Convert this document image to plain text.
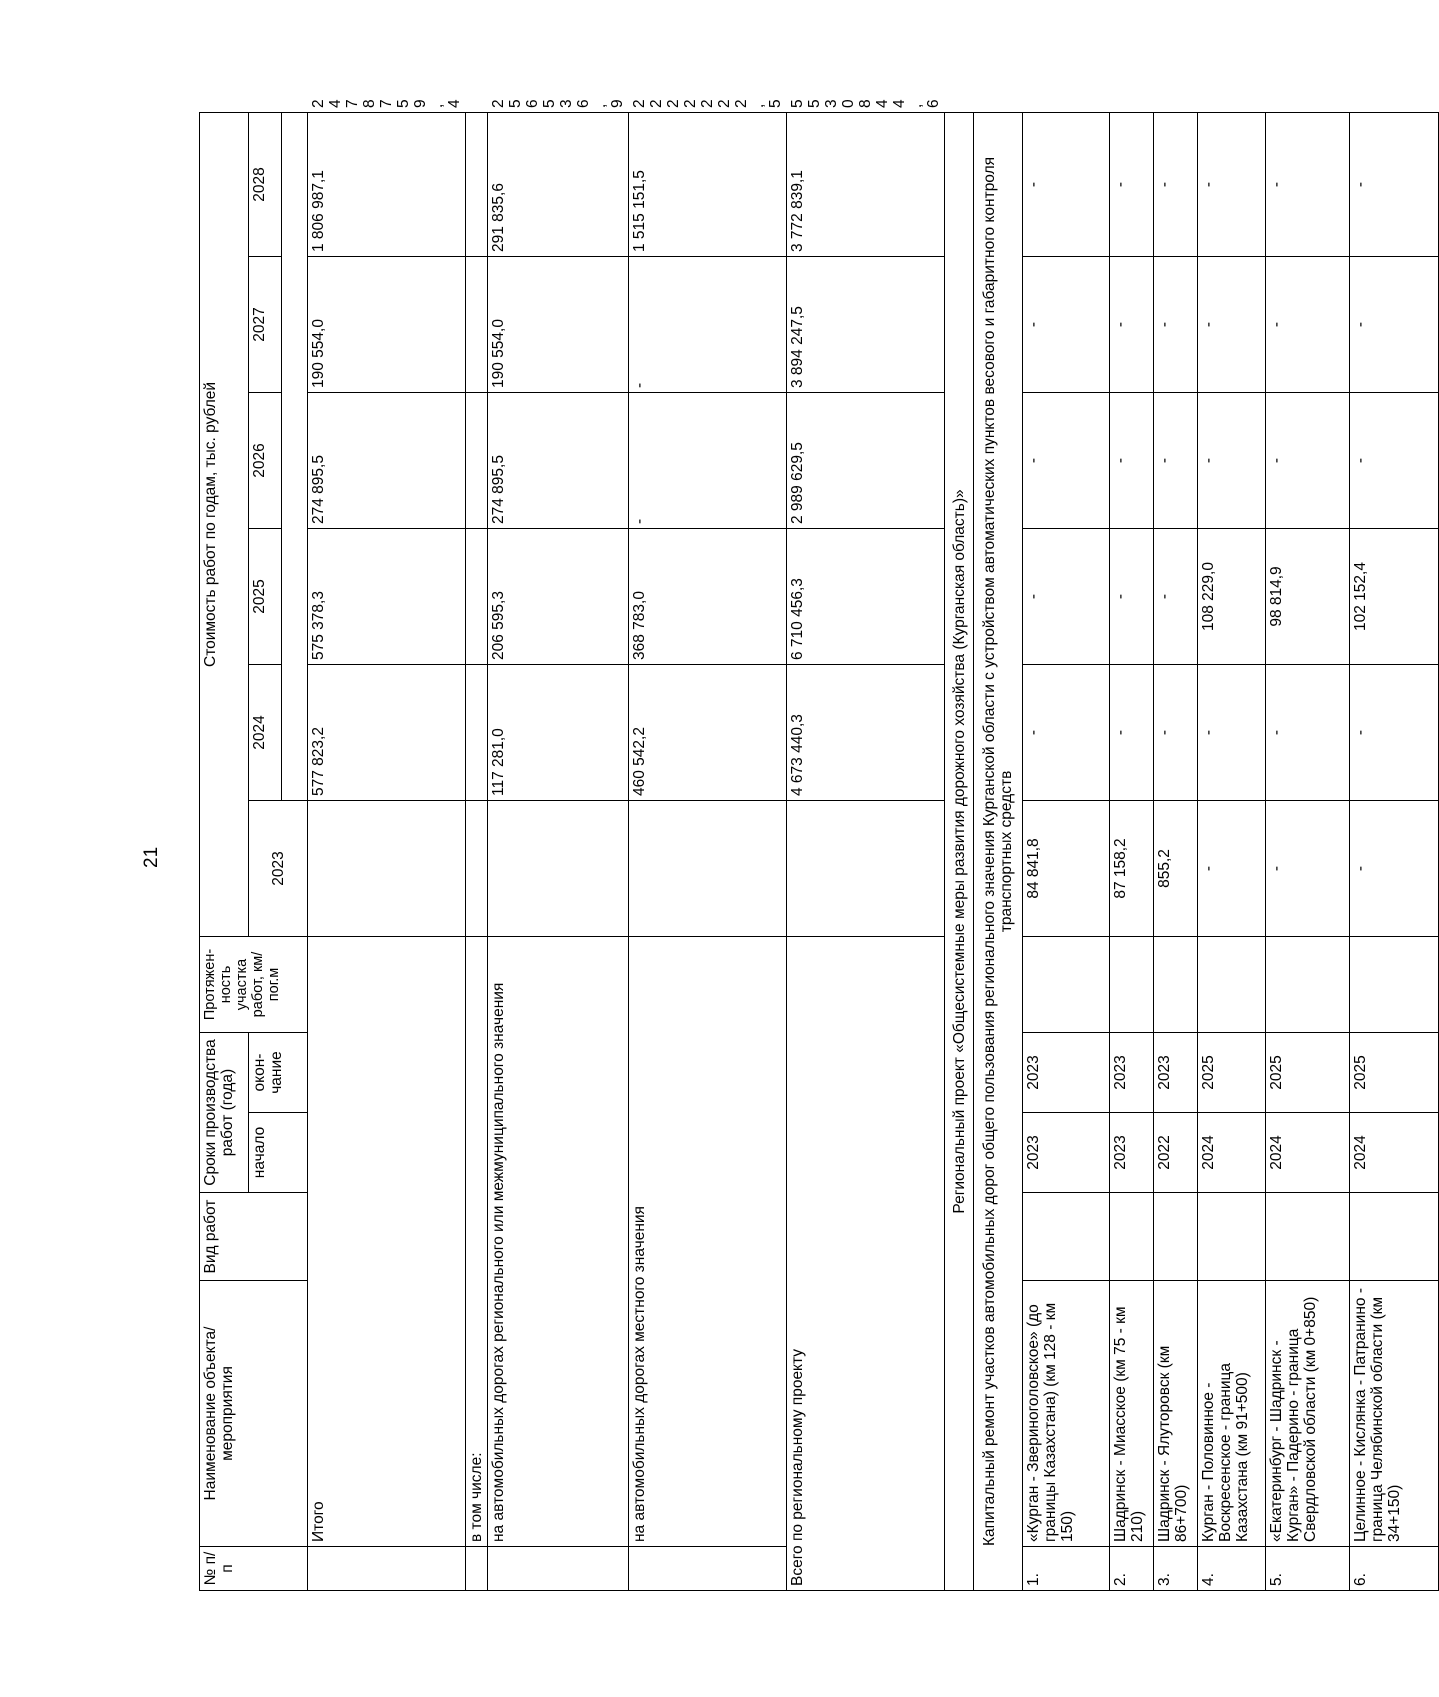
21
№ п/п	Наименование объекта/ мероприятия	Вид работ	Сроки производства работ (года)		Протяжен-ность участка работ, км/пог.м	Стоимость работ по годам, тыс. рублей						
			начало	окон-чание		2023	2024	2025	2026	2027	2028	

	Итого						577 823,2	575 378,3	274 895,5	190 554,0	1 806 987,1	2 478 759,4
	в том числе:											
	на автомобильных дорогах регионального или межмуниципального значения						117 281,0	206 595,3	274 895,5	190 554,0	291 835,6	256 536,9
	на автомобильных дорогах местного значения						460 542,2	368 783,0	-	-	1 515 151,5	2 222 222,5
Всего по региональному проекту							4 673 440,3	6 710 456,3	2 989 629,5	3 894 247,5	3 772 839,1	5 530 844,6
Региональный проект «Общесистемные меры развития дорожного хозяйства (Курганская область)»												
Капитальный ремонт участков автомобильных дорог общего пользования регионального значения Курганской области с устройством автоматических пунктов весового и габаритного контроля транспортных средств												
1.	«Курган - Звериноголовское» (до границы Казахстана) (км 128 - км 150)		2023	2023		84 841,8	-	-	-	-	-	
2.	Шадринск - Миасское (км 75 - км 210)		2023	2023		87 158,2	-	-	-	-	-	
3.	Шадринск - Ялуторовск (км 86+700)		2022	2023		855,2	-	-	-	-	-	
4.	Курган - Половинное - Воскресенское - граница Казахстана (км 91+500)		2024	2025		-	-	108 229,0	-	-	-	
5.	«Екатеринбург - Шадринск - Курган» - Падерино - граница Свердловской области (км 0+850)		2024	2025		-	-	98 814,9	-	-	-	
6.	Целинное - Кислянка - Патранино - граница Челябинской области (км 34+150)		2024	2025		-	-	102 152,4	-	-	-	
